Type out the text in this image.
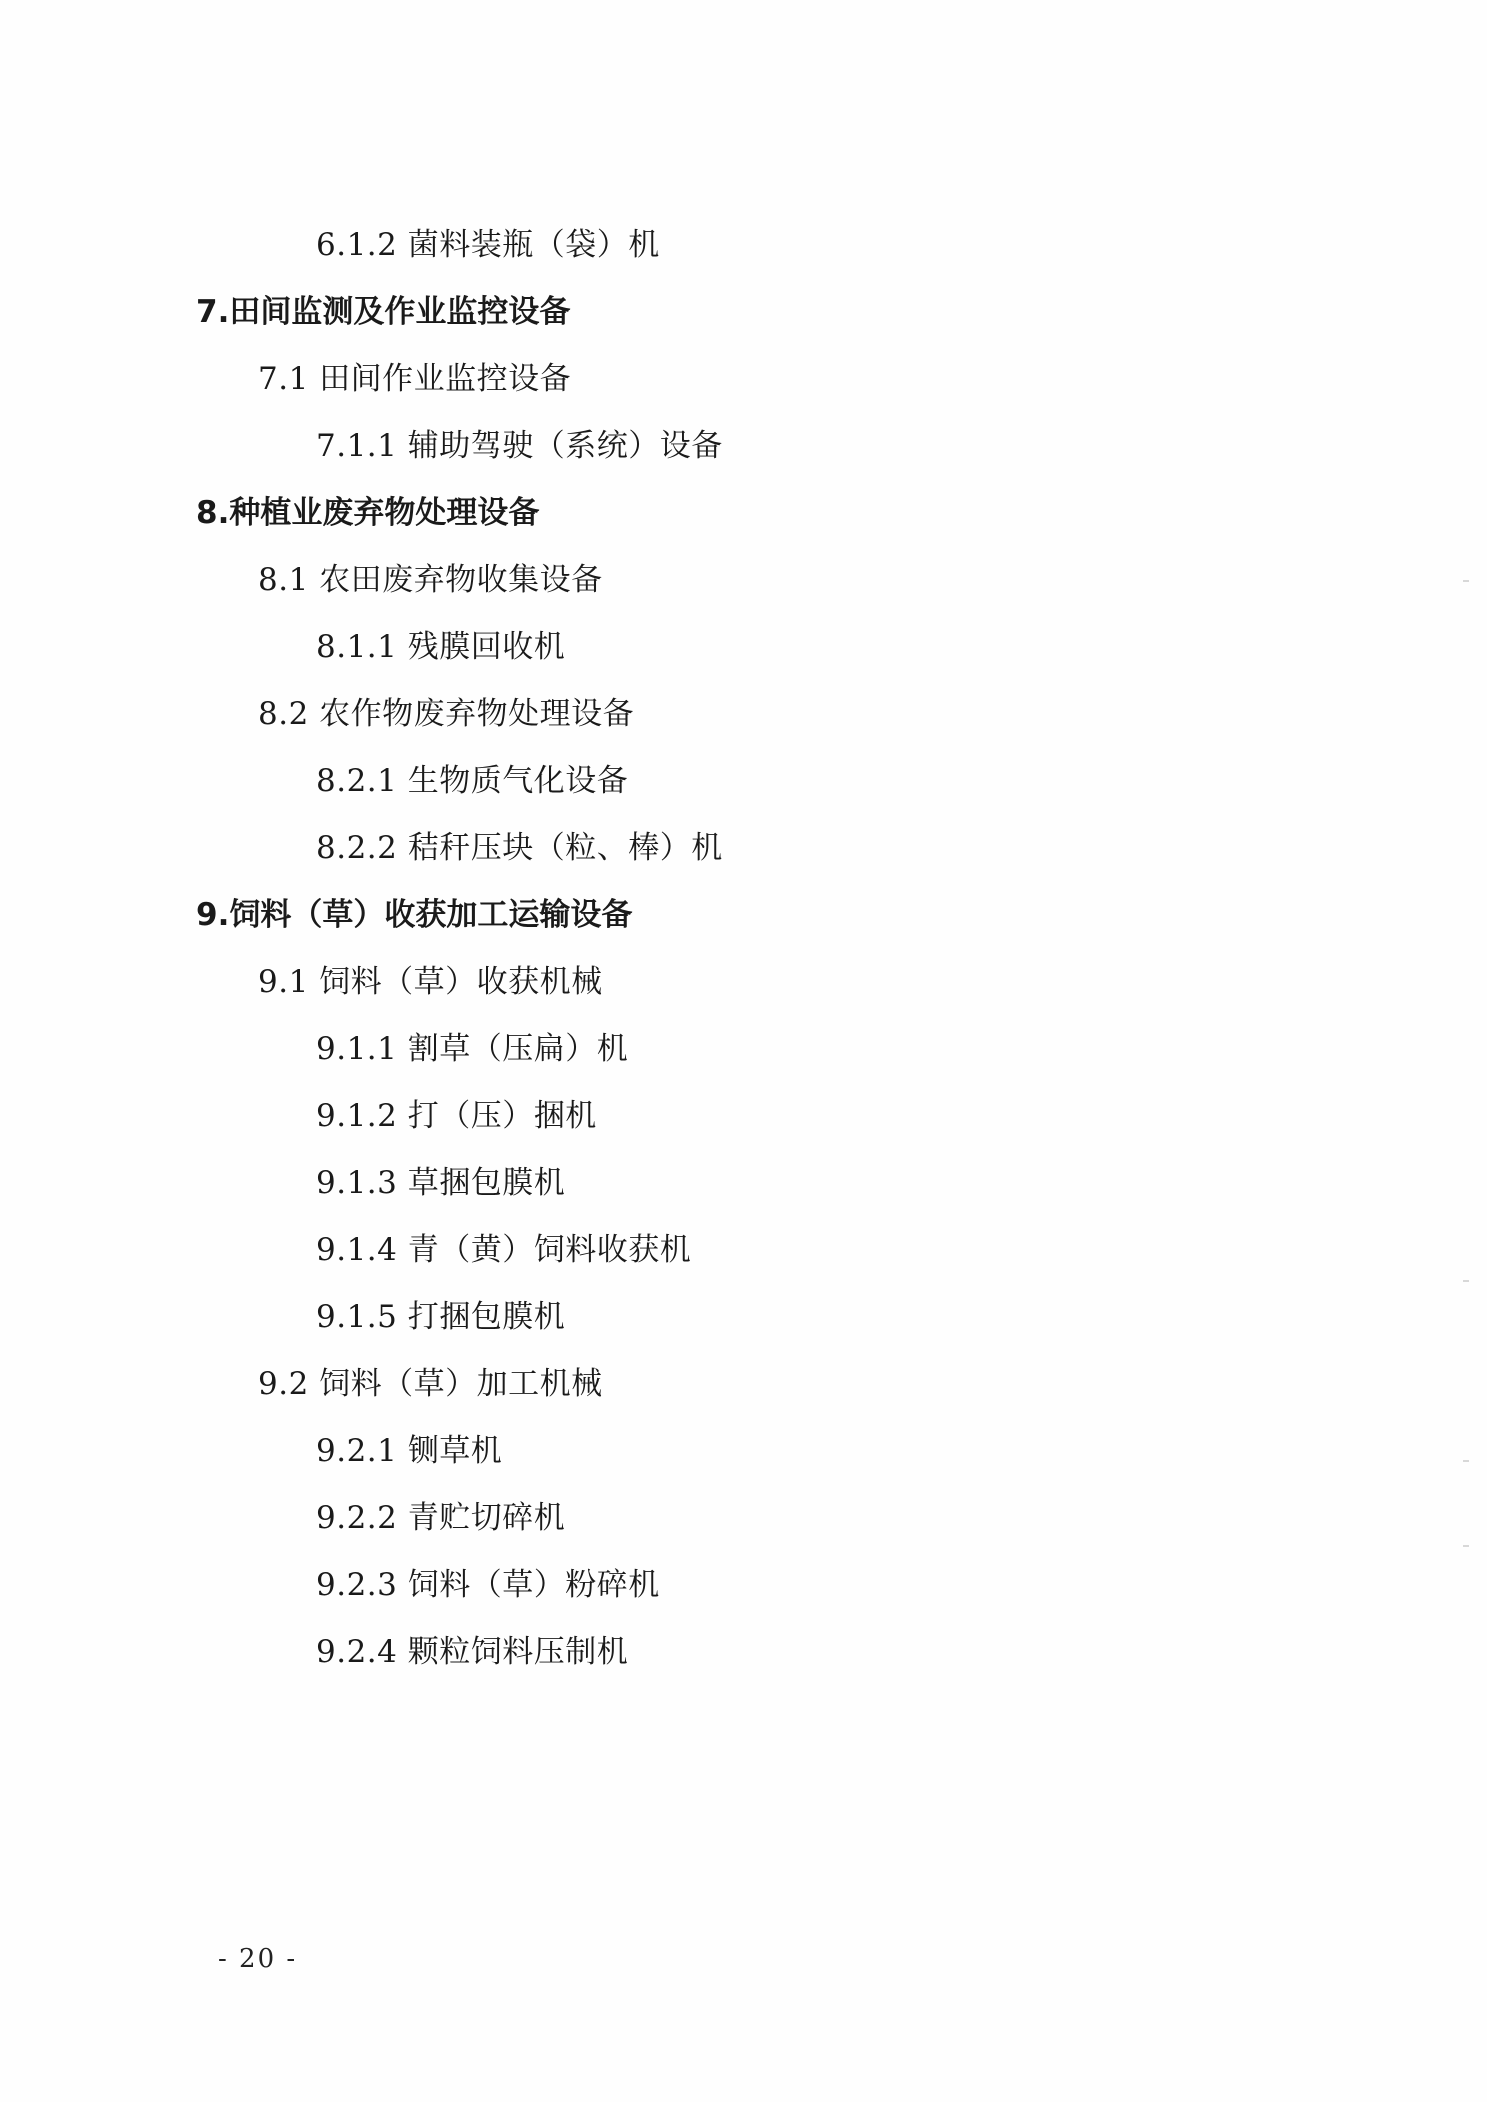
6.1.2 菌料装瓶（袋）机
7.田间监测及作业监控设备
7.1 田间作业监控设备
7.1.1 辅助驾驶（系统）设备
8.种植业废弃物处理设备
8.1 农田废弃物收集设备
8.1.1 残膜回收机
8.2 农作物废弃物处理设备
8.2.1 生物质气化设备
8.2.2 秸秆压块（粒、棒）机
9.饲料（草）收获加工运输设备
9.1 饲料（草）收获机械
9.1.1 割草（压扁）机
9.1.2 打（压）捆机
9.1.3 草捆包膜机
9.1.4 青（黄）饲料收获机
9.1.5 打捆包膜机
9.2 饲料（草）加工机械
9.2.1 铡草机
9.2.2 青贮切碎机
9.2.3 饲料（草）粉碎机
9.2.4 颗粒饲料压制机
- 20 -
